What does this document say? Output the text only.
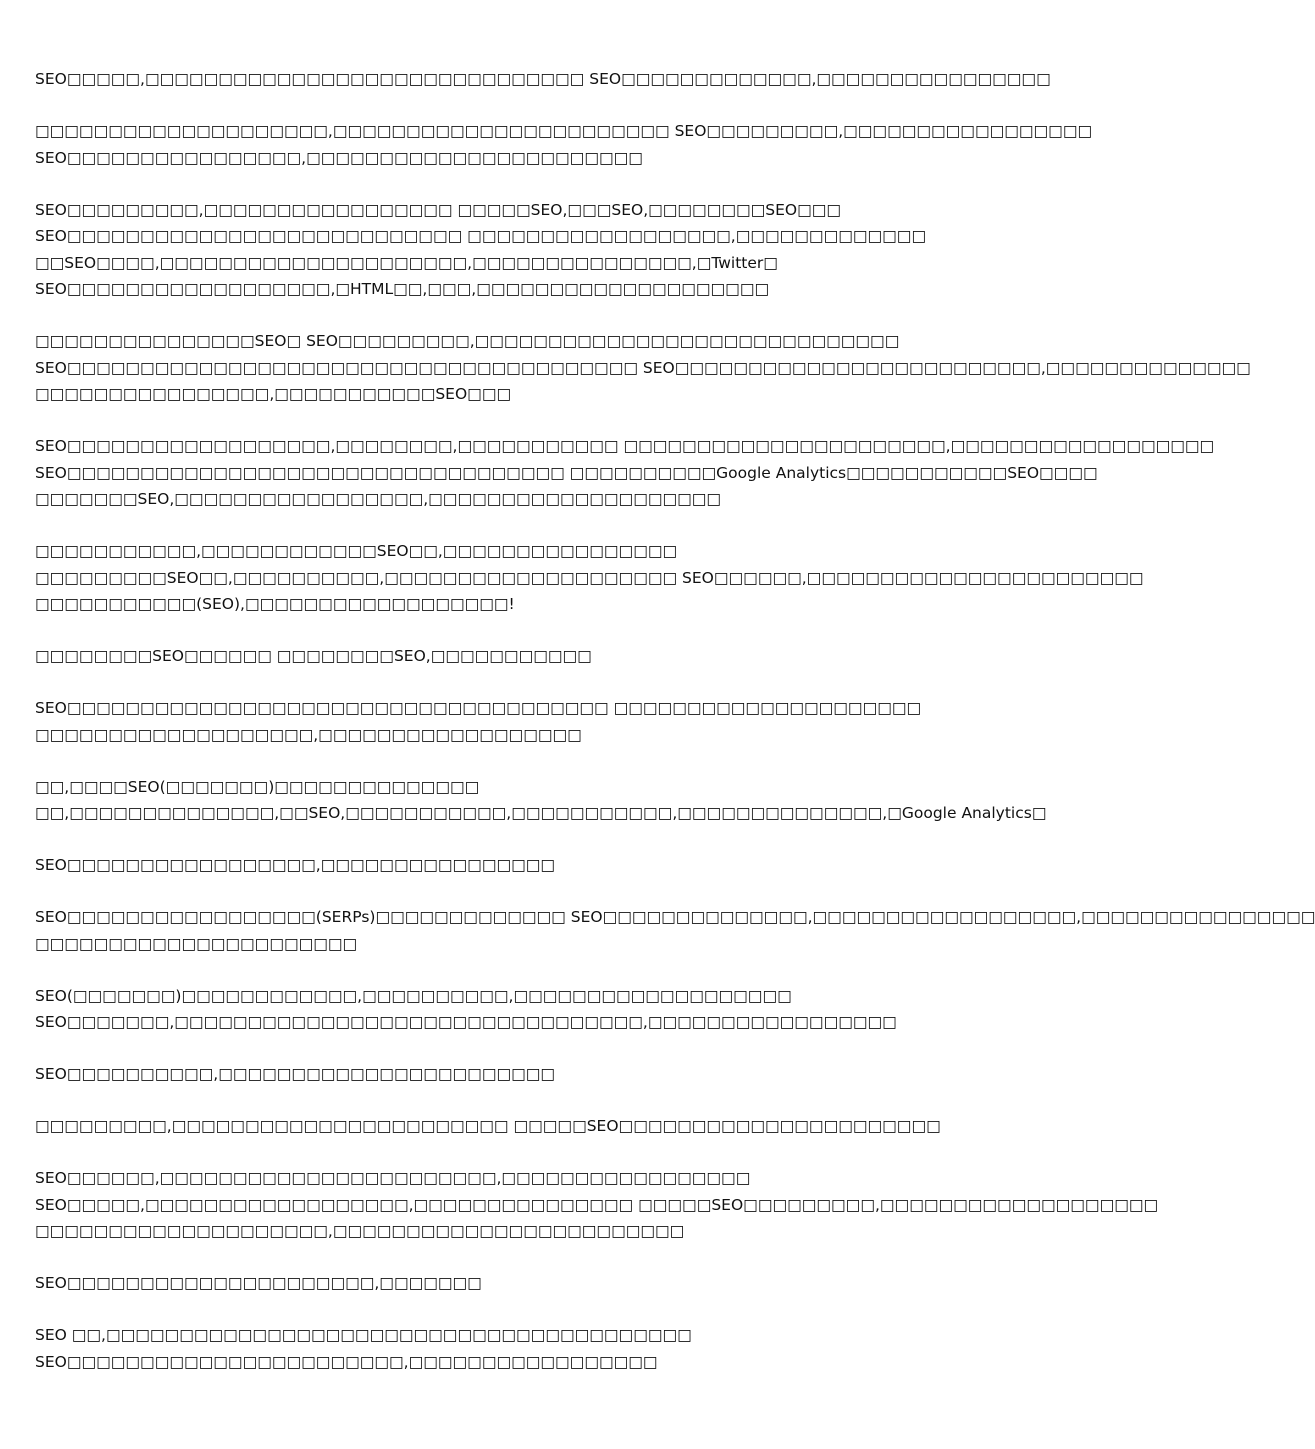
SEO□□□□□,□□□□□□□□□□□□□□□□□□□□□□□□□□□□□□ SEO□□□□□□□□□□□□□,□□□□□□□□□□□□□□□□
□□□□□□□□□□□□□□□□□□□□,□□□□□□□□□□□□□□□□□□□□□□□ SEO□□□□□□□□□,□□□□□□□□□□□□□□□□□
SEO□□□□□□□□□□□□□□□□,□□□□□□□□□□□□□□□□□□□□□□□
SEO□□□□□□□□□,□□□□□□□□□□□□□□□□□ □□□□□SEO,□□□SEO,□□□□□□□□SEO□□□
SEO□□□□□□□□□□□□□□□□□□□□□□□□□□□ □□□□□□□□□□□□□□□□□□,□□□□□□□□□□□□□
□□SEO□□□□,□□□□□□□□□□□□□□□□□□□□□,□□□□□□□□□□□□□□□,□Twitter□
SEO□□□□□□□□□□□□□□□□□□,□HTML□□,□□□,□□□□□□□□□□□□□□□□□□□□
□□□□□□□□□□□□□□□SEO□ SEO□□□□□□□□□,□□□□□□□□□□□□□□□□□□□□□□□□□□□□□
SEO□□□□□□□□□□□□□□□□□□□□□□□□□□□□□□□□□□□□□□□ SEO□□□□□□□□□□□□□□□□□□□□□□□□□,□□□□□□□□□□□□□□
□□□□□□□□□□□□□□□□,□□□□□□□□□□□SEO□□□
SEO□□□□□□□□□□□□□□□□□□,□□□□□□□□,□□□□□□□□□□□ □□□□□□□□□□□□□□□□□□□□□□,□□□□□□□□□□□□□□□□□□
SEO□□□□□□□□□□□□□□□□□□□□□□□□□□□□□□□□□□ □□□□□□□□□□Google Analytics□□□□□□□□□□□SEO□□□□
□□□□□□□SEO,□□□□□□□□□□□□□□□□□,□□□□□□□□□□□□□□□□□□□□
□□□□□□□□□□□,□□□□□□□□□□□□SEO□□,□□□□□□□□□□□□□□□□
□□□□□□□□□SEO□□,□□□□□□□□□□,□□□□□□□□□□□□□□□□□□□□ SEO□□□□□□,□□□□□□□□□□□□□□□□□□□□□□□
□□□□□□□□□□□(SEO),□□□□□□□□□□□□□□□□□□!
□□□□□□□□SEO□□□□□□ □□□□□□□□SEO,□□□□□□□□□□□
SEO□□□□□□□□□□□□□□□□□□□□□□□□□□□□□□□□□□□□□ □□□□□□□□□□□□□□□□□□□□□
□□□□□□□□□□□□□□□□□□□,□□□□□□□□□□□□□□□□□□
□□,□□□□SEO(□□□□□□□)□□□□□□□□□□□□□□
□□,□□□□□□□□□□□□□□,□□SEO,□□□□□□□□□□□,□□□□□□□□□□□,□□□□□□□□□□□□□□,□Google Analytics□
SEO□□□□□□□□□□□□□□□□□,□□□□□□□□□□□□□□□□
SEO□□□□□□□□□□□□□□□□□(SERPs)□□□□□□□□□□□□□ SEO□□□□□□□□□□□□□□,□□□□□□□□□□□□□□□□□□,□□□□□□□□□□□□□□□□
□□□□□□□□□□□□□□□□□□□□□□
SEO(□□□□□□□)□□□□□□□□□□□□,□□□□□□□□□□,□□□□□□□□□□□□□□□□□□□
SEO□□□□□□□,□□□□□□□□□□□□□□□□□□□□□□□□□□□□□□□□,□□□□□□□□□□□□□□□□□
SEO□□□□□□□□□□,□□□□□□□□□□□□□□□□□□□□□□□
□□□□□□□□□,□□□□□□□□□□□□□□□□□□□□□□□ □□□□□SEO□□□□□□□□□□□□□□□□□□□□□□
SEO□□□□□□,□□□□□□□□□□□□□□□□□□□□□□□,□□□□□□□□□□□□□□□□□
SEO□□□□□,□□□□□□□□□□□□□□□□□□,□□□□□□□□□□□□□□□ □□□□□SEO□□□□□□□□□,□□□□□□□□□□□□□□□□□□□
□□□□□□□□□□□□□□□□□□□□,□□□□□□□□□□□□□□□□□□□□□□□□
SEO□□□□□□□□□□□□□□□□□□□□□,□□□□□□□
SEO □□,□□□□□□□□□□□□□□□□□□□□□□□□□□□□□□□□□□□□□□□□
SEO□□□□□□□□□□□□□□□□□□□□□□□,□□□□□□□□□□□□□□□□□
